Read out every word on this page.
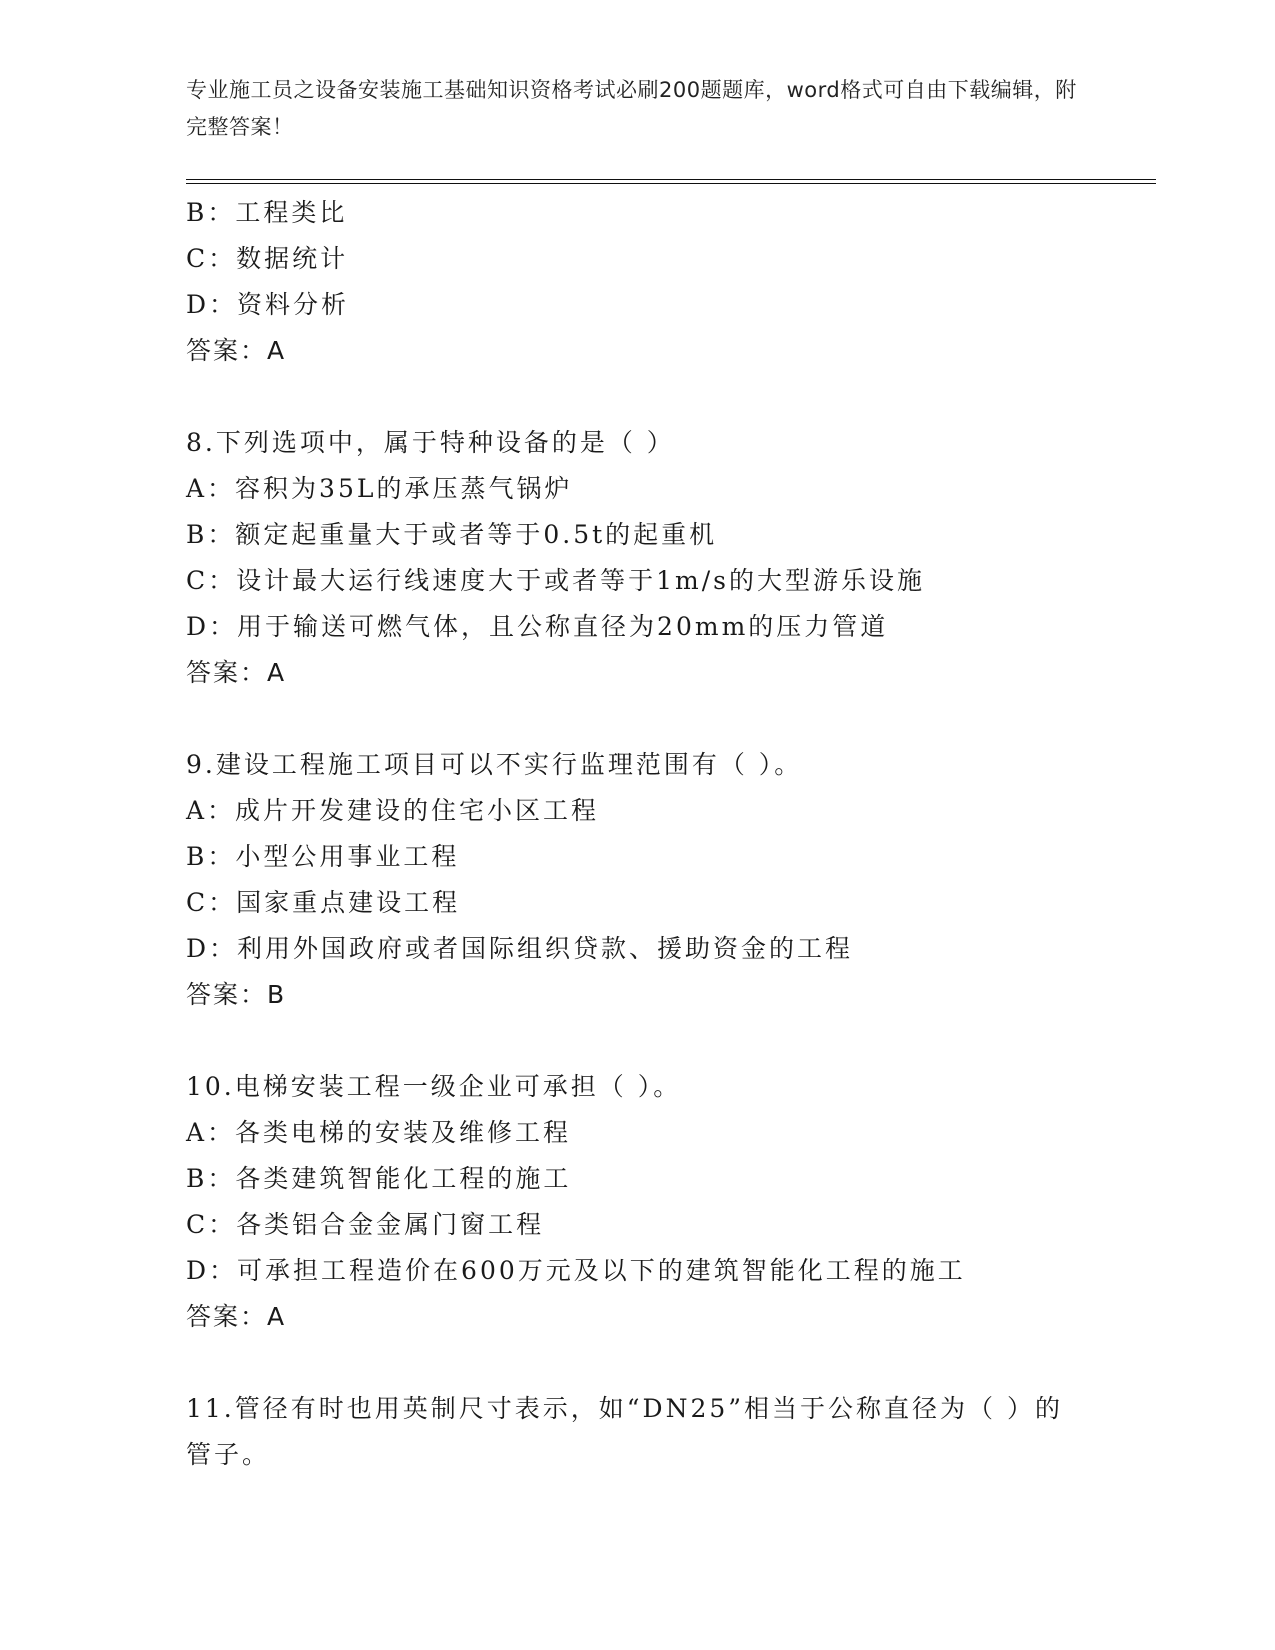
专业施工员之设备安装施工基础知识资格考试必刷200题题库，word格式可自由下载编辑，附完整答案！
B：工程类比
C：数据统计
D：资料分析
答案：A
8.下列选项中，属于特种设备的是（ ）
A：容积为35L的承压蒸气锅炉
B：额定起重量大于或者等于0.5t的起重机
C：设计最大运行线速度大于或者等于1m/s的大型游乐设施
D：用于输送可燃气体，且公称直径为20mm的压力管道
答案：A
9.建设工程施工项目可以不实行监理范围有（ ）。
A：成片开发建设的住宅小区工程
B：小型公用事业工程
C：国家重点建设工程
D：利用外国政府或者国际组织贷款、援助资金的工程
答案：B
10.电梯安装工程一级企业可承担（ ）。
A：各类电梯的安装及维修工程
B：各类建筑智能化工程的施工
C：各类铝合金金属门窗工程
D：可承担工程造价在600万元及以下的建筑智能化工程的施工
答案：A
11.管径有时也用英制尺寸表示，如“DN25”相当于公称直径为（ ）的管子。
